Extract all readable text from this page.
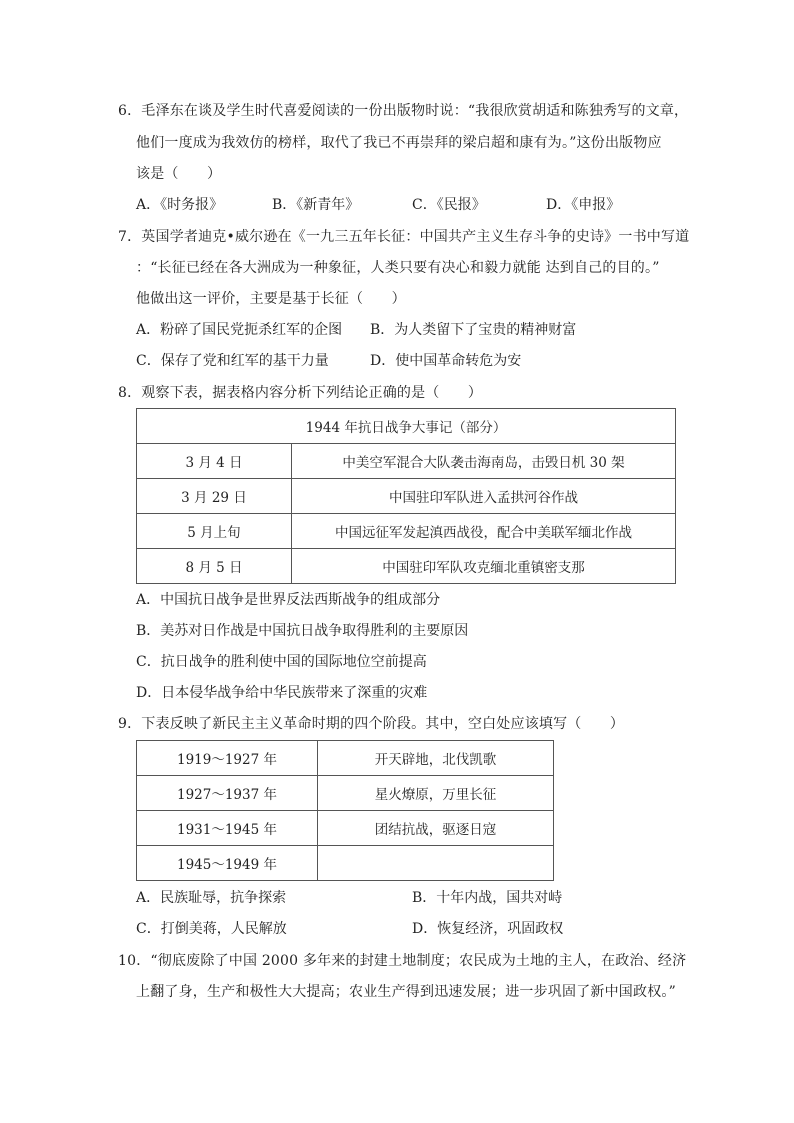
6．毛泽东在谈及学生时代喜爱阅读的一份出版物时说：“我很欣赏胡适和陈独秀写的文章，
他们一度成为我效仿的榜样，取代了我已不再崇拜的梁启超和康有为。”这份出版物应
该是（　　）
A．《时务报》	B．《新青年》	C．《民报》	D．《申报》
7．英国学者迪克•威尔逊在《一九三五年长征：中国共产主义生存斗争的史诗》一书中写道
：“长征已经在各大洲成为一种象征，人类只要有决心和毅力就能 达到自己的目的。”
他做出这一评价，主要是基于长征（　　）
A．粉碎了国民党扼杀红军的企图 B．为人类留下了宝贵的精神财富
C．保存了党和红军的基干力量	D．使中国革命转危为安
8．观察下表，据表格内容分析下列结论正确的是（　　）
1944 年抗日战争大事记（部分）	
3 月 4 日	中美空军混合大队袭击海南岛，击毁日机 30 架
3 月 29 日	中国驻印军队进入孟拱河谷作战
5 月上旬	中国远征军发起滇西战役，配合中美联军缅北作战
8 月 5 日	中国驻印军队攻克缅北重镇密支那
A．中国抗日战争是世界反法西斯战争的组成部分
B．美苏对日作战是中国抗日战争取得胜利的主要原因
C．抗日战争的胜利使中国的国际地位空前提高
D．日本侵华战争给中华民族带来了深重的灾难
9．下表反映了新民主主义革命时期的四个阶段。其中，空白处应该填写（　　）
1919～1927 年	开天辟地，北伐凯歌
1927～1937 年	星火燎原，万里长征
1931～1945 年	团结抗战，驱逐日寇
1945～1949 年	
A．民族耻辱，抗争探索	B．十年内战，国共对峙
C．打倒美蒋，人民解放	D．恢复经济，巩固政权
10．“彻底废除了中国 2000 多年来的封建土地制度；农民成为土地的主人，在政治、经济
上翻了身，生产和极性大大提高；农业生产得到迅速发展；进一步巩固了新中国政权。”
